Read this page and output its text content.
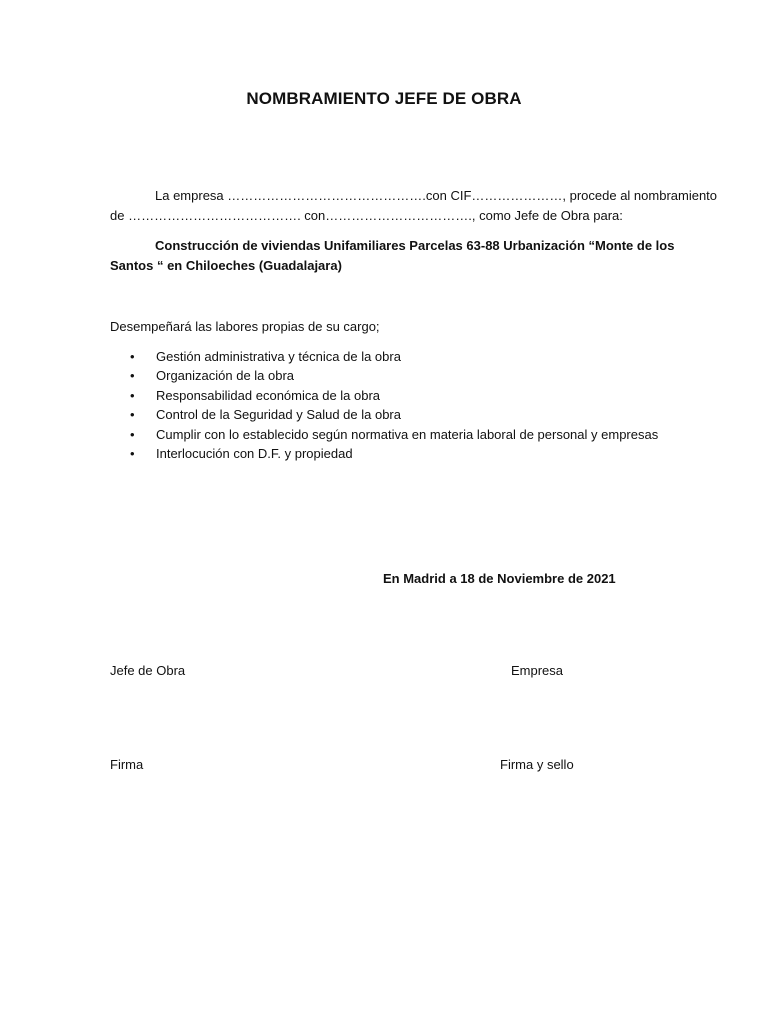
NOMBRAMIENTO JEFE DE OBRA
La empresa ……………………………………….con CIF…………………, procede al nombramiento
de …………………………………. con……………………………., como Jefe de Obra para:
Construcción de viviendas Unifamiliares Parcelas 63-88 Urbanización “Monte de los
Santos “ en Chiloeches (Guadalajara)
Desempeñará las labores propias de su cargo;
• Gestión administrativa y técnica de la obra
• Organización de la obra
• Responsabilidad económica de la obra
• Control de la Seguridad y Salud de la obra
• Cumplir con lo establecido según normativa en materia laboral de personal y empresas
• Interlocución con D.F. y propiedad
En Madrid a 18 de Noviembre de 2021
Jefe de Obra	Empresa
Firma	Firma y sello
